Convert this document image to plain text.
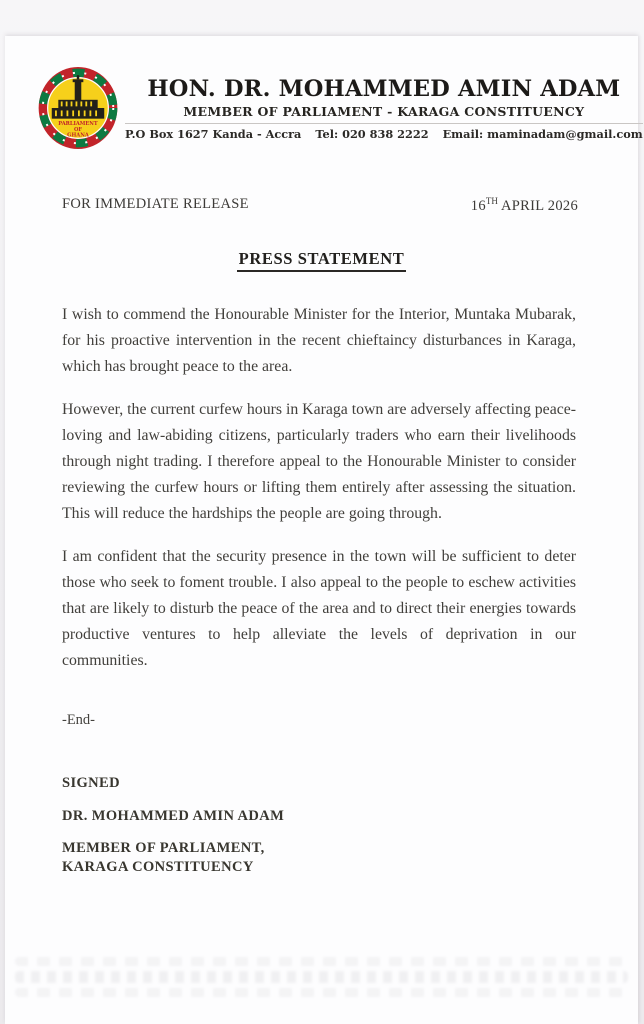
PARLIAMENT
OF
GHANA
HON. DR. MOHAMMED AMIN ADAM
MEMBER OF PARLIAMENT - KARAGA CONSTITUENCY
P.O Box 1627 Kanda - Accra Tel: 020 838 2222 Email: maminadam@gmail.com
FOR IMMEDIATE RELEASE	16TH APRIL 2026
PRESS STATEMENT

I wish to commend the Honourable Minister for the Interior, Muntaka Mubarak, for his proactive intervention in the recent chieftaincy disturbances in Karaga, which has brought peace to the area.

However, the current curfew hours in Karaga town are adversely affecting peace-loving and law-abiding citizens, particularly traders who earn their livelihoods through night trading. I therefore appeal to the Honourable Minister to consider reviewing the curfew hours or lifting them entirely after assessing the situation. This will reduce the hardships the people are going through.

I am confident that the security presence in the town will be sufficient to deter those who seek to foment trouble. I also appeal to the people to eschew activities that are likely to disturb the peace of the area and to direct their energies towards productive ventures to help alleviate the levels of deprivation in our communities.

-End-
SIGNED
DR. MOHAMMED AMIN ADAM
MEMBER OF PARLIAMENT,
KARAGA CONSTITUENCY
